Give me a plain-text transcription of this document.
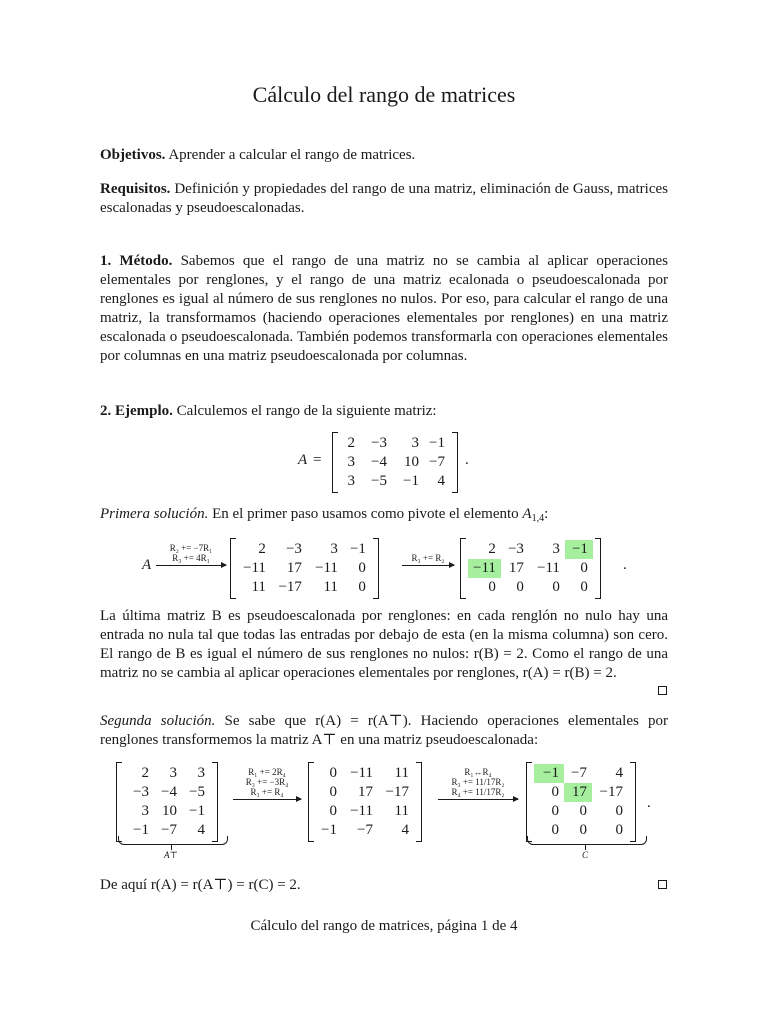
Cálculo del rango de matrices

Objetivos. Aprender a calcular el rango de matrices.

Requisitos. Definición y propiedades del rango de una matriz, eliminación de Gauss, matrices escalonadas y pseudoescalonadas.

1. Método. Sabemos que el rango de una matriz no se cambia al aplicar operaciones elementales por renglones, y el rango de una matriz ecalonada o pseudoescalonada por renglones es igual al número de sus renglones no nulos. Por eso, para calcular el rango de una matriz, la transformamos (haciendo operaciones elementales por renglones) en una matriz escalonada o pseudoescalonada. También podemos transformarla con operaciones elementales por columnas en una matriz pseudoescalonada por columnas.

2. Ejemplo. Calculemos el rango de la siguiente matriz:

A =
2	−3	3	−1
3	−4	10	−7
3	−5	−1	4
.

Primera solución. En el primer paso usamos como pivote el elemento $A_{1,4}$:

A
R₂ += −7R₁
R₃ += 4R₁
2	−3	3	−1
−11	17	−11	0
11	−17	11	0
R₃ += R₂
2	−3	3	−1
−11	17	−11	0
0	0	0	0
.

La última matriz B es pseudoescalonada por renglones: en cada renglón no nulo hay una entrada no nula tal que todas las entradas por debajo de esta (en la misma columna) son cero. El rango de B es igual el número de sus renglones no nulos: r(B) = 2. Como el rango de una matriz no se cambia al aplicar operaciones elementales por renglones, r(A) = r(B) = 2.

Segunda solución. Se sabe que r(A) = r(A⊤). Haciendo operaciones elementales por renglones transformemos la matriz A⊤ en una matriz pseudoescalonada:

2	3	3
−3	−4	−5
3	10	−1
−1	−7	4
R₁ += 2R₄
R₃ += −3R₄
R₃ += R₄
0	−11	11
0	17	−17
0	−11	11
−1	−7	4
R₁↔R₄
R₃ += 11/17R₂
R₄ += 11/17R₂
−1	−7	4
0	17	−17
0	0	0
0	0	0
.
A⊤	C

De aquí r(A) = r(A⊤) = r(C) = 2.

Cálculo del rango de matrices, página 1 de 4
